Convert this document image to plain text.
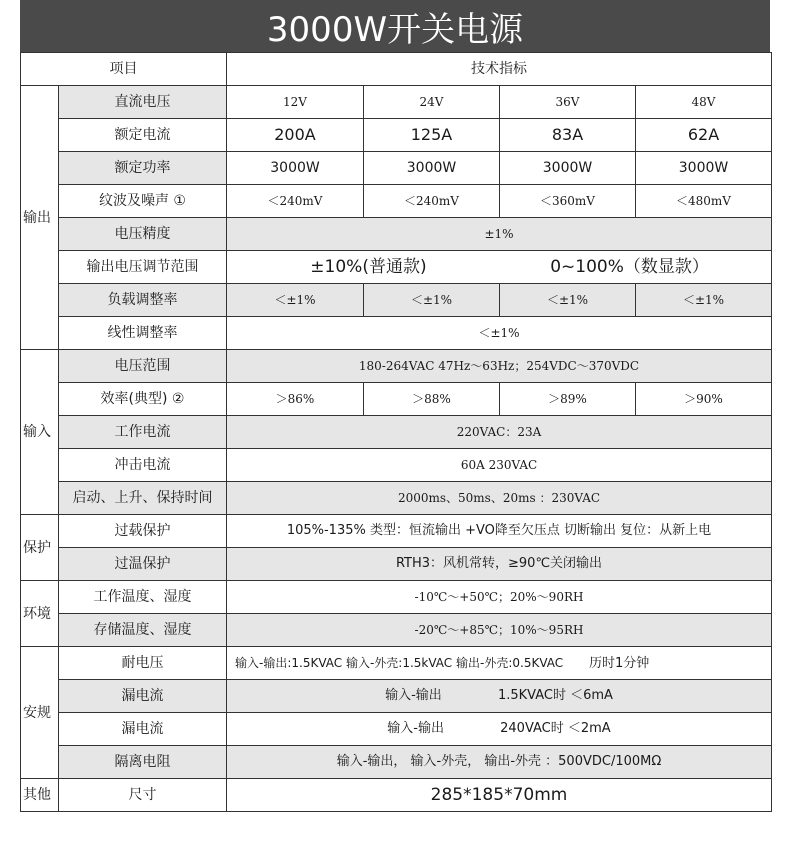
3000W开关电源
项目		技术指标			
输出	直流电压	12V	24V	36V	48V
	额定电流	200A	125A	83A	62A
	额定功率	3000W	3000W	3000W	3000W
	纹波及噪声 ①	＜240mV	＜240mV	＜360mV	＜480mV
	电压精度	±1%			
	输出电压调节范围	±10%(普通款) 0~100%（数显款）			
	负载调整率	＜±1%	＜±1%	＜±1%	＜±1%
	线性调整率	＜±1%			
输入	电压范围	180-264VAC 47Hz～63Hz；254VDC～370VDC			
	效率(典型) ②	＞86%	＞88%	＞89%	＞90%
	工作电流	220VAC：23A			
	冲击电流	60A 230VAC			
	启动、上升、保持时间	2000ms、50ms、20ms ：230VAC			
保护	过载保护	105%-135% 类型：恒流输出 +VO降至欠压点 切断输出 复位：从新上电			
	过温保护	RTH3：风机常转，≥90℃关闭输出			
环境	工作温度、湿度	-10℃～+50℃；20%～90RH			
	存储温度、湿度	-20℃～+85℃；10%～95RH			
安规	耐电压	输入-输出:1.5KVAC 输入-外壳:1.5kVAC 输出-外壳:0.5KVAC 历时1分钟			
	漏电流	输入-输出 1.5KVAC时 ＜6mA			
	漏电流	输入-输出 240VAC时 ＜2mA			
	隔离电阻	输入-输出， 输入-外壳， 输出-外壳 ：500VDC/100MΩ			
其他	尺寸	285*185*70mm			
